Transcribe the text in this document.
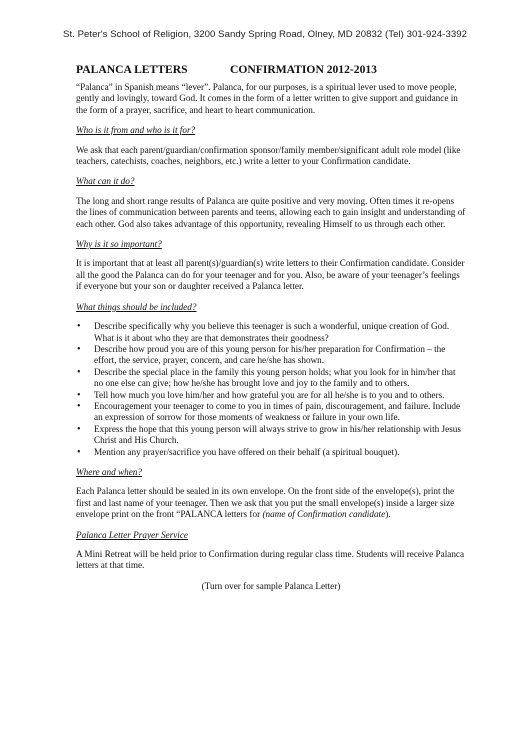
St. Peter's School of Religion, 3200 Sandy Spring Road, Olney, MD 20832 (Tel) 301-924-3392
PALANCA LETTERS	CONFIRMATION 2012-2013

“Palanca” in Spanish means “lever”. Palanca, for our purposes, is a spiritual lever used to move people, gently and lovingly, toward God. It comes in the form of a letter written to give support and guidance in the form of a prayer, sacrifice, and heart to heart communication.

Who is it from and who is it for?

We ask that each parent/guardian/confirmation sponsor/family member/significant adult role model (like teachers, catechists, coaches, neighbors, etc.) write a letter to your Confirmation candidate.

What can it do?

The long and short range results of Palanca are quite positive and very moving. Often times it re-opens the lines of communication between parents and teens, allowing each to gain insight and understanding of each other. God also takes advantage of this opportunity, revealing Himself to us through each other.

Why is it so important?

It is important that at least all parent(s)/guardian(s) write letters to their Confirmation candidate. Consider all the good the Palanca can do for your teenager and for you. Also, be aware of your teenager’s feelings if everyone but your son or daughter received a Palanca letter.

What things should be included?
• Describe specifically why you believe this teenager is such a wonderful, unique creation of God. What is it about who they are that demonstrates their goodness?
• Describe how proud you are of this young person for his/her preparation for Confirmation – the effort, the service, prayer, concern, and care he/she has shown.
• Describe the special place in the family this young person holds; what you look for in him/her that no one else can give; how he/she has brought love and joy to the family and to others.
• Tell how much you love him/her and how grateful you are for all he/she is to you and to others.
• Encouragement your teenager to come to you in times of pain, discouragement, and failure. Include an expression of sorrow for those moments of weakness or failure in your own life.
• Express the hope that this young person will always strive to grow in his/her relationship with Jesus Christ and His Church.
• Mention any prayer/sacrifice you have offered on their behalf (a spiritual bouquet).
Where and when?

Each Palanca letter should be sealed in its own envelope. On the front side of the envelope(s), print the first and last name of your teenager. Then we ask that you put the small envelope(s) inside a larger size envelope print on the front “PALANCA letters for (name of Confirmation candidate).

Palanca Letter Prayer Service

A Mini Retreat will be held prior to Confirmation during regular class time. Students will receive Palanca letters at that time.

(Turn over for sample Palanca Letter)
